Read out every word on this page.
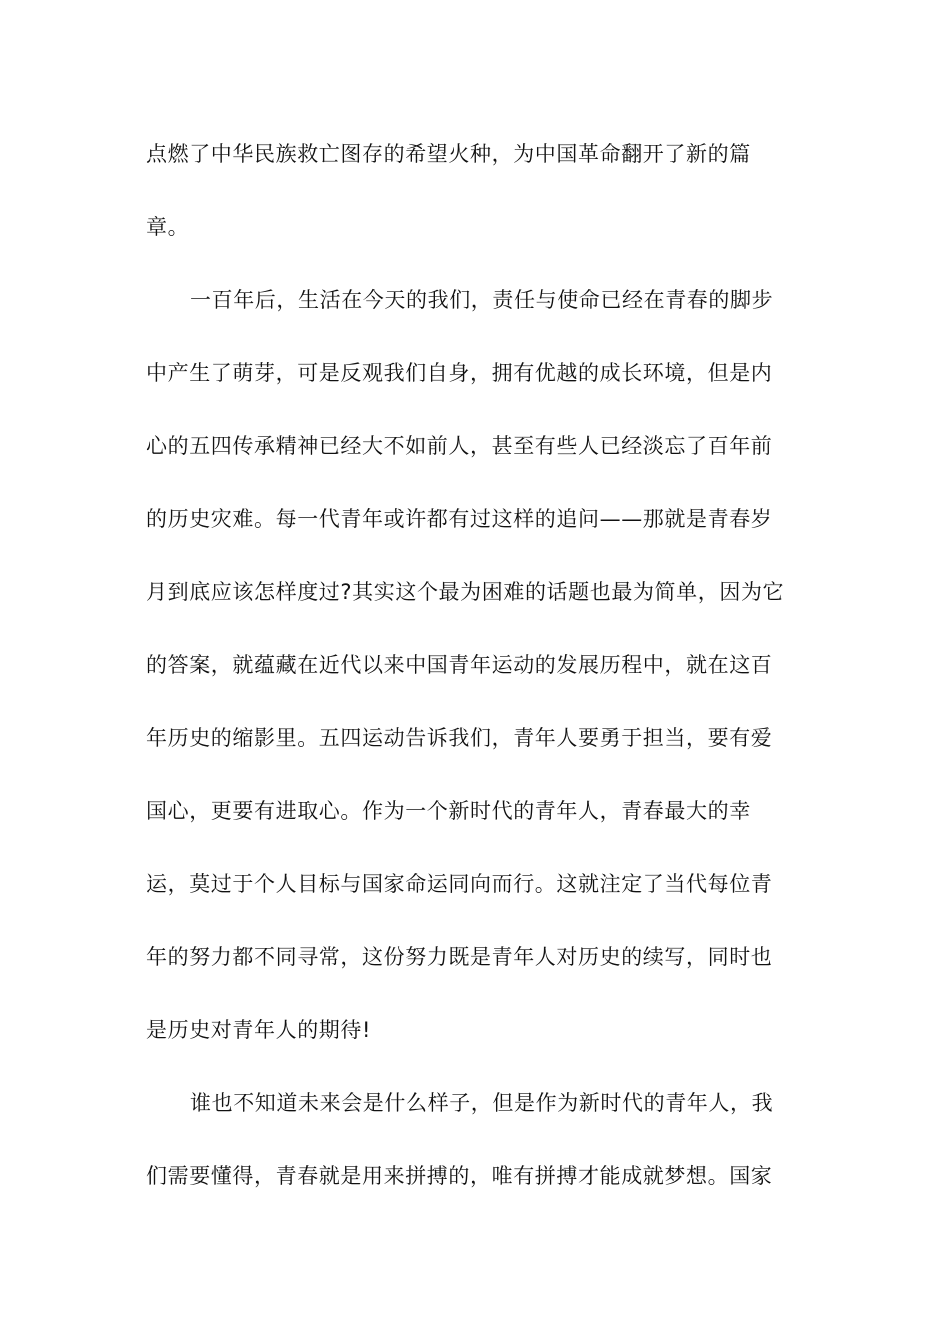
点燃了中华民族救亡图存的希望火种，为中国革命翻开了新的篇
章。
一百年后，生活在今天的我们，责任与使命已经在青春的脚步
中产生了萌芽，可是反观我们自身，拥有优越的成长环境，但是内
心的五四传承精神已经大不如前人，甚至有些人已经淡忘了百年前
的历史灾难。每一代青年或许都有过这样的追问——那就是青春岁
月到底应该怎样度过?其实这个最为困难的话题也最为简单，因为它
的答案，就蕴藏在近代以来中国青年运动的发展历程中，就在这百
年历史的缩影里。五四运动告诉我们，青年人要勇于担当，要有爱
国心，更要有进取心。作为一个新时代的青年人，青春最大的幸
运，莫过于个人目标与国家命运同向而行。这就注定了当代每位青
年的努力都不同寻常，这份努力既是青年人对历史的续写，同时也
是历史对青年人的期待!
谁也不知道未来会是什么样子，但是作为新时代的青年人，我
们需要懂得，青春就是用来拼搏的，唯有拼搏才能成就梦想。国家
